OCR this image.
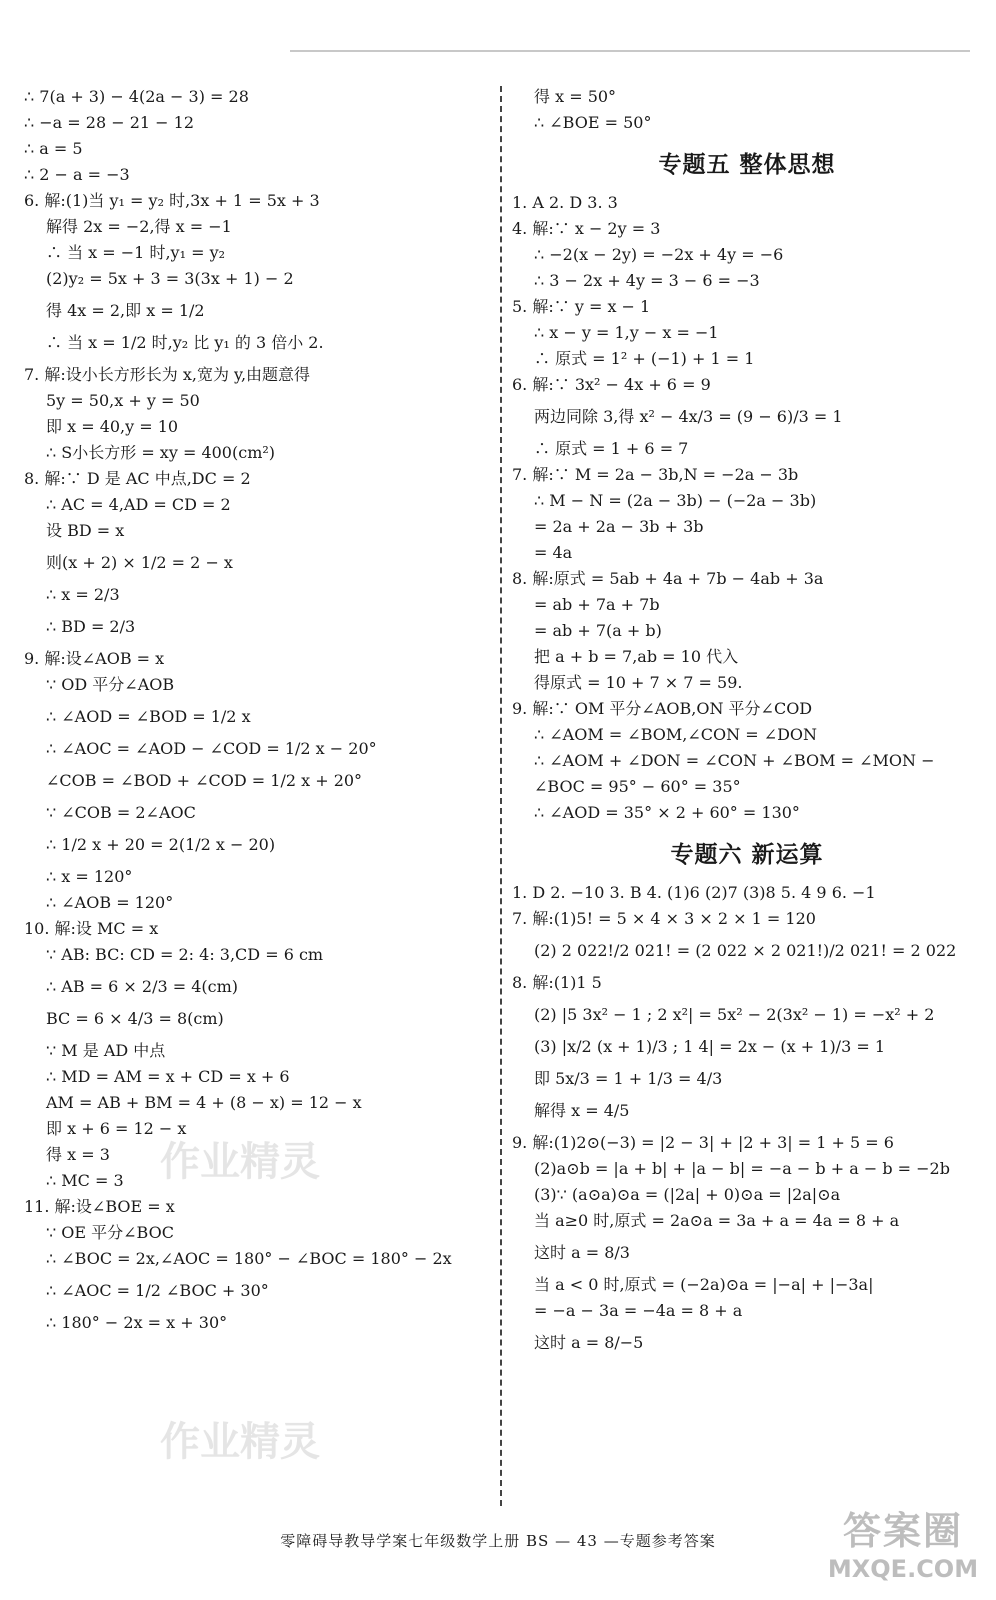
∴ 7(a + 3) − 4(2a − 3) = 28
∴ −a = 28 − 21 − 12
∴ a = 5
∴ 2 − a = −3
6. 解:(1)当 y₁ = y₂ 时,3x + 1 = 5x + 3
解得 2x = −2,得 x = −1
∴ 当 x = −1 时,y₁ = y₂
(2)y₂ = 5x + 3 = 3(3x + 1) − 2
得 4x = 2,即 x = 1/2
∴ 当 x = 1/2 时,y₂ 比 y₁ 的 3 倍小 2.
7. 解:设小长方形长为 x,宽为 y,由题意得
5y = 50,x + y = 50
即 x = 40,y = 10
∴ S小长方形 = xy = 400(cm²)
8. 解:∵ D 是 AC 中点,DC = 2
∴ AC = 4,AD = CD = 2
设 BD = x
则(x + 2) × 1/2 = 2 − x
∴ x = 2/3
∴ BD = 2/3
9. 解:设∠AOB = x
∵ OD 平分∠AOB
∴ ∠AOD = ∠BOD = 1/2 x
∴ ∠AOC = ∠AOD − ∠COD = 1/2 x − 20°
∠COB = ∠BOD + ∠COD = 1/2 x + 20°
∵ ∠COB = 2∠AOC
∴ 1/2 x + 20 = 2(1/2 x − 20)
∴ x = 120°
∴ ∠AOB = 120°
10. 解:设 MC = x
∵ AB: BC: CD = 2: 4: 3,CD = 6 cm
∴ AB = 6 × 2/3 = 4(cm)
BC = 6 × 4/3 = 8(cm)
∵ M 是 AD 中点
∴ MD = AM = x + CD = x + 6
AM = AB + BM = 4 + (8 − x) = 12 − x
即 x + 6 = 12 − x
得 x = 3
∴ MC = 3
11. 解:设∠BOE = x
∵ OE 平分∠BOC
∴ ∠BOC = 2x,∠AOC = 180° − ∠BOC = 180° − 2x
∴ ∠AOC = 1/2 ∠BOC + 30°
∴ 180° − 2x = x + 30°
得 x = 50°
∴ ∠BOE = 50°
专题五 整体思想
1. A 2. D 3. 3
4. 解:∵ x − 2y = 3
∴ −2(x − 2y) = −2x + 4y = −6
∴ 3 − 2x + 4y = 3 − 6 = −3
5. 解:∵ y = x − 1
∴ x − y = 1,y − x = −1
∴ 原式 = 1² + (−1) + 1 = 1
6. 解:∵ 3x² − 4x + 6 = 9
两边同除 3,得 x² − 4x/3 = (9 − 6)/3 = 1
∴ 原式 = 1 + 6 = 7
7. 解:∵ M = 2a − 3b,N = −2a − 3b
∴ M − N = (2a − 3b) − (−2a − 3b)
= 2a + 2a − 3b + 3b
= 4a
8. 解:原式 = 5ab + 4a + 7b − 4ab + 3a
= ab + 7a + 7b
= ab + 7(a + b)
把 a + b = 7,ab = 10 代入
得原式 = 10 + 7 × 7 = 59.
9. 解:∵ OM 平分∠AOB,ON 平分∠COD
∴ ∠AOM = ∠BOM,∠CON = ∠DON
∴ ∠AOM + ∠DON = ∠CON + ∠BOM = ∠MON −
∠BOC = 95° − 60° = 35°
∴ ∠AOD = 35° × 2 + 60° = 130°
专题六 新运算
1. D 2. −10 3. B 4. (1)6 (2)7 (3)8 5. 4 9 6. −1
7. 解:(1)5! = 5 × 4 × 3 × 2 × 1 = 120
(2) 2 022!/2 021! = (2 022 × 2 021!)/2 021! = 2 022
8. 解:(1)1 5
(2) |5 3x² − 1 ; 2 x²| = 5x² − 2(3x² − 1) = −x² + 2
(3) |x/2 (x + 1)/3 ; 1 4| = 2x − (x + 1)/3 = 1
即 5x/3 = 1 + 1/3 = 4/3
解得 x = 4/5
9. 解:(1)2⊙(−3) = |2 − 3| + |2 + 3| = 1 + 5 = 6
(2)a⊙b = |a + b| + |a − b| = −a − b + a − b = −2b
(3)∵ (a⊙a)⊙a = (|2a| + 0)⊙a = |2a|⊙a
当 a≥0 时,原式 = 2a⊙a = 3a + a = 4a = 8 + a
这时 a = 8/3
当 a < 0 时,原式 = (−2a)⊙a = |−a| + |−3a|
= −a − 3a = −4a = 8 + a
这时 a = 8/−5
作业精灵
作业精灵
零障碍导教导学案七年级数学上册 BS — 43 —专题参考答案	答案圈
MXQE.COM
